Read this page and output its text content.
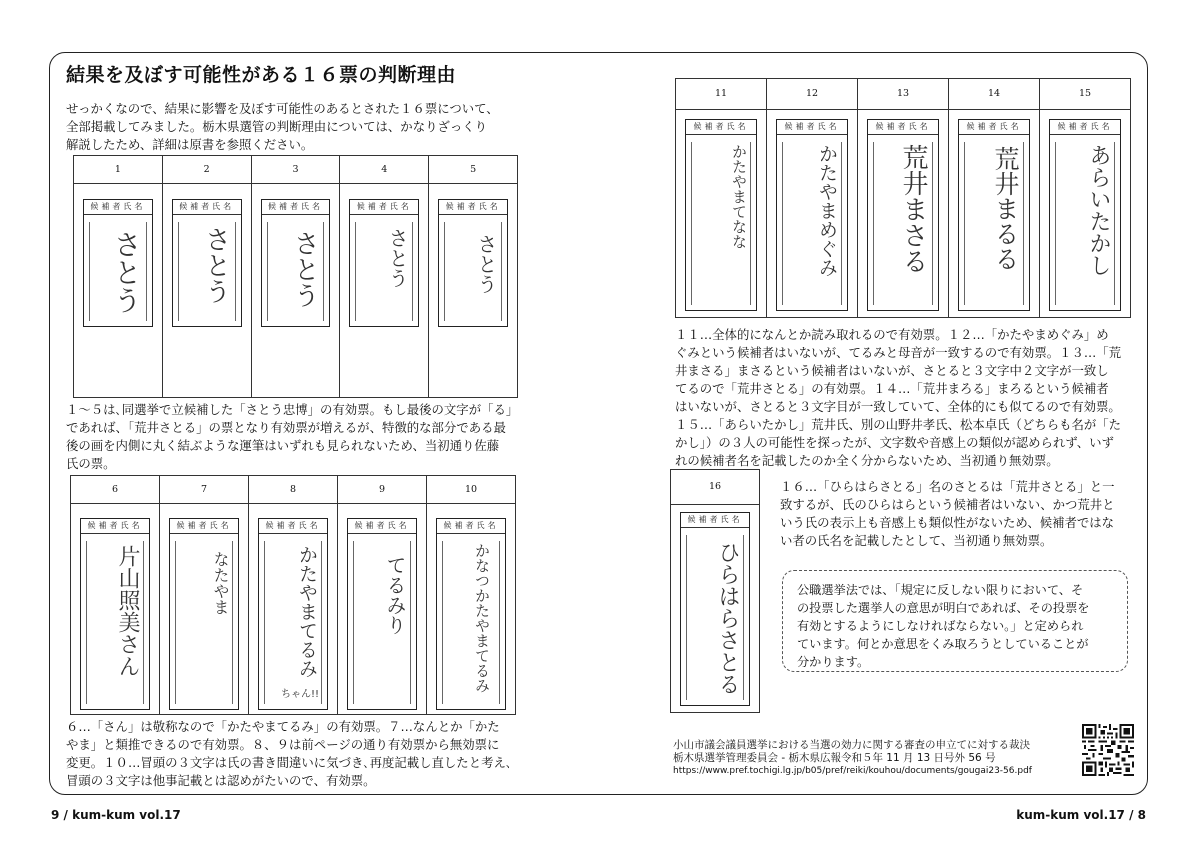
結果を及ぼす可能性がある１６票の判断理由
せっかくなので、結果に影響を及ぼす可能性のあるとされた１６票について、
全部掲載してみました。栃木県選管の判断理由については、かなりざっくり
解説したため、詳細は原書を参照ください。
1
候補者氏名
さとう
2
候補者氏名
さとう
3
候補者氏名
さとう
4
候補者氏名
さとう
5
候補者氏名
さとう
１～５は､同選挙で立候補した「さとう忠博」の有効票。もし最後の文字が「る」
であれば、「荒井さとる」の票となり有効票が増えるが、特徴的な部分である最
後の画を内側に丸く結ぶような運筆はいずれも見られないため、当初通り佐藤
氏の票。
6
候補者氏名
片山照美さん
7
候補者氏名
なたやま
8
候補者氏名
かたやまてるみ
ちゃん!!
9
候補者氏名
てるみり
10
候補者氏名
かなつかたやまてるみ
６…「さん」は敬称なので「かたやまてるみ」の有効票。７…なんとか「かた
やま」と類推できるので有効票。８、９は前ページの通り有効票から無効票に
変更。１０…冒頭の３文字は氏の書き間違いに気づき､再度記載し直したと考え､
冒頭の３文字は他事記載とは認めがたいので、有効票。
11
候補者氏名
かたやまてなな
12
候補者氏名
かたやまめぐみ
13
候補者氏名
荒井まさる
14
候補者氏名
荒井まるる
15
候補者氏名
あらいたかし
１１…全体的になんとか読み取れるので有効票。１２…「かたやまめぐみ」め
ぐみという候補者はいないが、てるみと母音が一致するので有効票。１３…「荒
井まさる」まさるという候補者はいないが、さとると３文字中２文字が一致し
てるので「荒井さとる」の有効票。１４…「荒井まろる」まろるという候補者
はいないが、さとると３文字目が一致していて、全体的にも似てるので有効票。
１５…「あらいたかし」荒井氏、別の山野井孝氏、松本卓氏（どちらも名が「た
かし」）の３人の可能性を探ったが、文字数や音感上の類似が認められず、いず
れの候補者名を記載したのか全く分からないため、当初通り無効票。
16
候補者氏名
ひらはらさとる
１６…「ひらはらさとる」名のさとるは「荒井さとる」と一
致するが、氏のひらはらという候補者はいない、かつ荒井と
いう氏の表示上も音感上も類似性がないため、候補者ではな
い者の氏名を記載したとして、当初通り無効票。
公職選挙法では、「規定に反しない限りにおいて、そ
の投票した選挙人の意思が明白であれば、その投票を
有効とするようにしなければならない。」と定められ
ています。何とか意思をくみ取ろうとしていることが
分かります。
小山市議会議員選挙における当選の効力に関する審査の申立てに対する裁決
栃木県選挙管理委員会 - 栃木県広報令和５年 11 月 13 日号外 56 号
https://www.pref.tochigi.lg.jp/b05/pref/reiki/kouhou/documents/gougai23-56.pdf
9 / kum-kum vol.17	kum-kum vol.17 / 8
